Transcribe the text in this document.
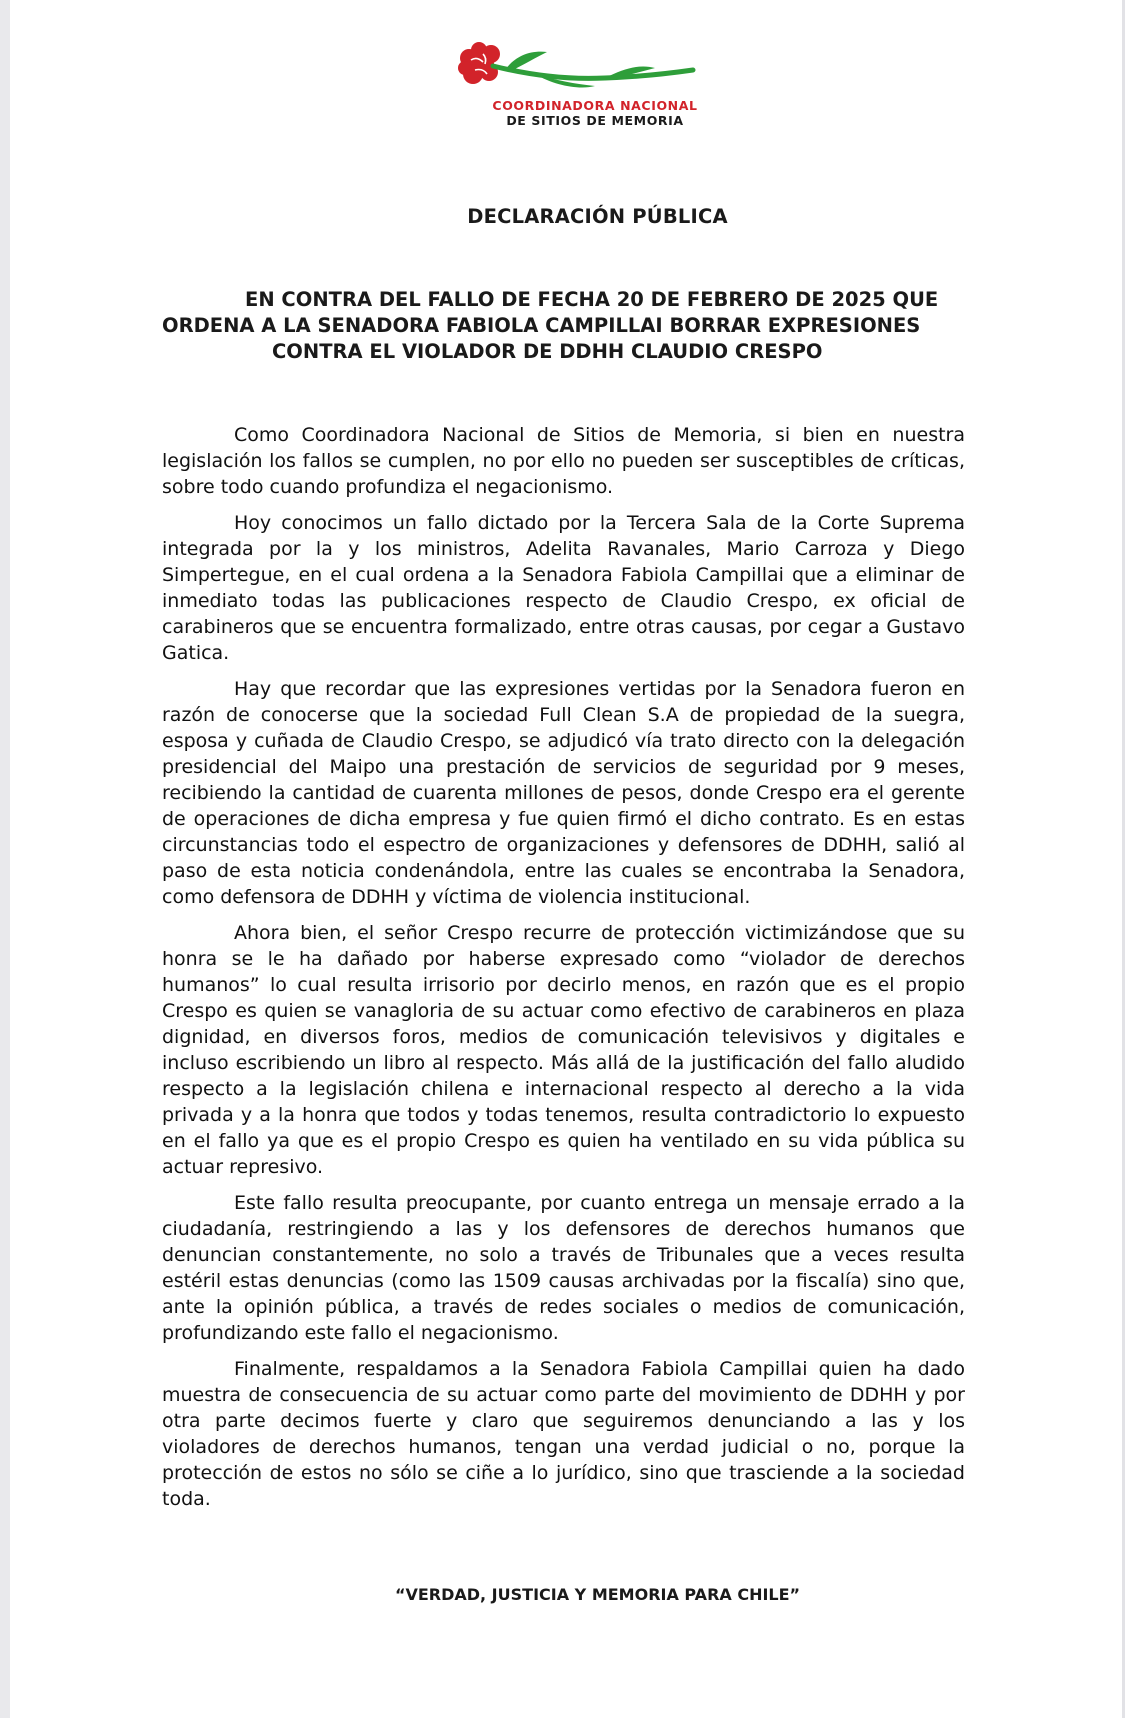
COORDINADORA NACIONAL
DE SITIOS DE MEMORIA
DECLARACIÓN PÚBLICA
EN CONTRA DEL FALLO DE FECHA 20 DE FEBRERO DE 2025 QUE
ORDENA A LA SENADORA FABIOLA CAMPILLAI BORRAR EXPRESIONES
CONTRA EL VIOLADOR DE DDHH CLAUDIO CRESPO

Como Coordinadora Nacional de Sitios de Memoria, si bien en nuestra legislación los fallos se cumplen, no por ello no pueden ser susceptibles de críticas, sobre todo cuando profundiza el negacionismo.

Hoy conocimos un fallo dictado por la Tercera Sala de la Corte Suprema integrada por la y los ministros, Adelita Ravanales, Mario Carroza y Diego Simpertegue, en el cual ordena a la Senadora Fabiola Campillai que a eliminar de inmediato todas las publicaciones respecto de Claudio Crespo, ex oficial de carabineros que se encuentra formalizado, entre otras causas, por cegar a Gustavo Gatica.

Hay que recordar que las expresiones vertidas por la Senadora fueron en razón de conocerse que la sociedad Full Clean S.A de propiedad de la suegra, esposa y cuñada de Claudio Crespo, se adjudicó vía trato directo con la delegación presidencial del Maipo una prestación de servicios de seguridad por 9 meses, recibiendo la cantidad de cuarenta millones de pesos, donde Crespo era el gerente de operaciones de dicha empresa y fue quien firmó el dicho contrato. Es en estas circunstancias todo el espectro de organizaciones y defensores de DDHH, salió al paso de esta noticia condenándola, entre las cuales se encontraba la Senadora, como defensora de DDHH y víctima de violencia institucional.

Ahora bien, el señor Crespo recurre de protección victimizándose que su honra se le ha dañado por haberse expresado como “violador de derechos humanos” lo cual resulta irrisorio por decirlo menos, en razón que es el propio Crespo es quien se vanagloria de su actuar como efectivo de carabineros en plaza dignidad, en diversos foros, medios de comunicación televisivos y digitales e incluso escribiendo un libro al respecto. Más allá de la justificación del fallo aludido respecto a la legislación chilena e internacional respecto al derecho a la vida privada y a la honra que todos y todas tenemos, resulta contradictorio lo expuesto en el fallo ya que es el propio Crespo es quien ha ventilado en su vida pública su actuar represivo.

Este fallo resulta preocupante, por cuanto entrega un mensaje errado a la ciudadanía, restringiendo a las y los defensores de derechos humanos que denuncian constantemente, no solo a través de Tribunales que a veces resulta estéril estas denuncias (como las 1509 causas archivadas por la fiscalía) sino que, ante la opinión pública, a través de redes sociales o medios de comunicación, profundizando este fallo el negacionismo.

Finalmente, respaldamos a la Senadora Fabiola Campillai quien ha dado muestra de consecuencia de su actuar como parte del movimiento de DDHH y por otra parte decimos fuerte y claro que seguiremos denunciando a las y los violadores de derechos humanos, tengan una verdad judicial o no, porque la protección de estos no sólo se ciñe a lo jurídico, sino que trasciende a la sociedad toda.

“VERDAD, JUSTICIA Y MEMORIA PARA CHILE”
